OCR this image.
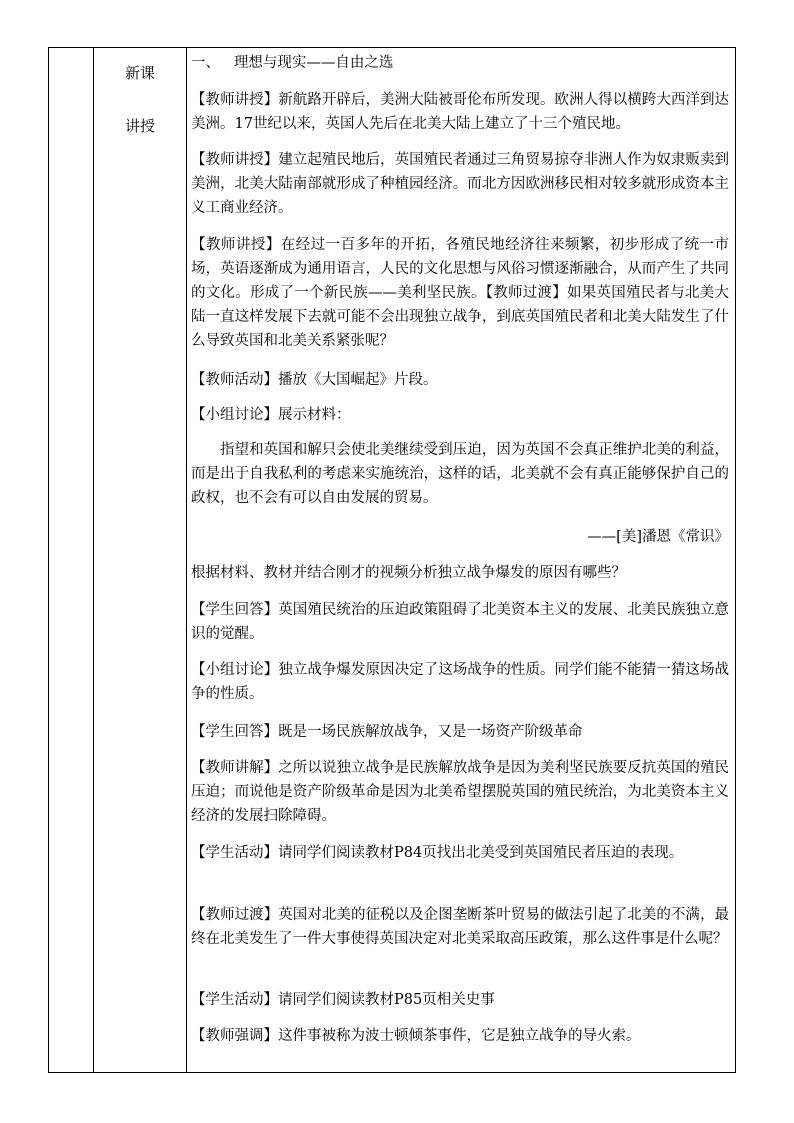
新课
讲授

一、   理想与现实——自由之选

【教师讲授】新航路开辟后，美洲大陆被哥伦布所发现。欧洲人得以横跨大西洋到达美洲。17世纪以来，英国人先后在北美大陆上建立了十三个殖民地。

【教师讲授】建立起殖民地后，英国殖民者通过三角贸易掠夺非洲人作为奴隶贩卖到美洲，北美大陆南部就形成了种植园经济。而北方因欧洲移民相对较多就形成资本主义工商业经济。

【教师讲授】在经过一百多年的开拓，各殖民地经济往来频繁，初步形成了统一市场，英语逐渐成为通用语言，人民的文化思想与风俗习惯逐渐融合，从而产生了共同的文化。形成了一个新民族——美利坚民族。【教师过渡】如果英国殖民者与北美大陆一直这样发展下去就可能不会出现独立战争，到底英国殖民者和北美大陆发生了什么导致英国和北美关系紧张呢？

【教师活动】播放《大国崛起》片段。

【小组讨论】展示材料：

指望和英国和解只会使北美继续受到压迫，因为英国不会真正维护北美的利益，而是出于自我私利的考虑来实施统治，这样的话，北美就不会有真正能够保护自己的政权，也不会有可以自由发展的贸易。

——[美]潘恩《常识》

根据材料、教材并结合刚才的视频分析独立战争爆发的原因有哪些？

【学生回答】英国殖民统治的压迫政策阻碍了北美资本主义的发展、北美民族独立意识的觉醒。

【小组讨论】独立战争爆发原因决定了这场战争的性质。同学们能不能猜一猜这场战争的性质。

【学生回答】既是一场民族解放战争，又是一场资产阶级革命

【教师讲解】之所以说独立战争是民族解放战争是因为美利坚民族要反抗英国的殖民压迫；而说他是资产阶级革命是因为北美希望摆脱英国的殖民统治，为北美资本主义经济的发展扫除障碍。

【学生活动】请同学们阅读教材P84页找出北美受到英国殖民者压迫的表现。

【教师过渡】英国对北美的征税以及企图垄断茶叶贸易的做法引起了北美的不满，最终在北美发生了一件大事使得英国决定对北美采取高压政策，那么这件事是什么呢？

【学生活动】请同学们阅读教材P85页相关史事

【教师强调】这件事被称为波士顿倾茶事件，它是独立战争的导火索。
